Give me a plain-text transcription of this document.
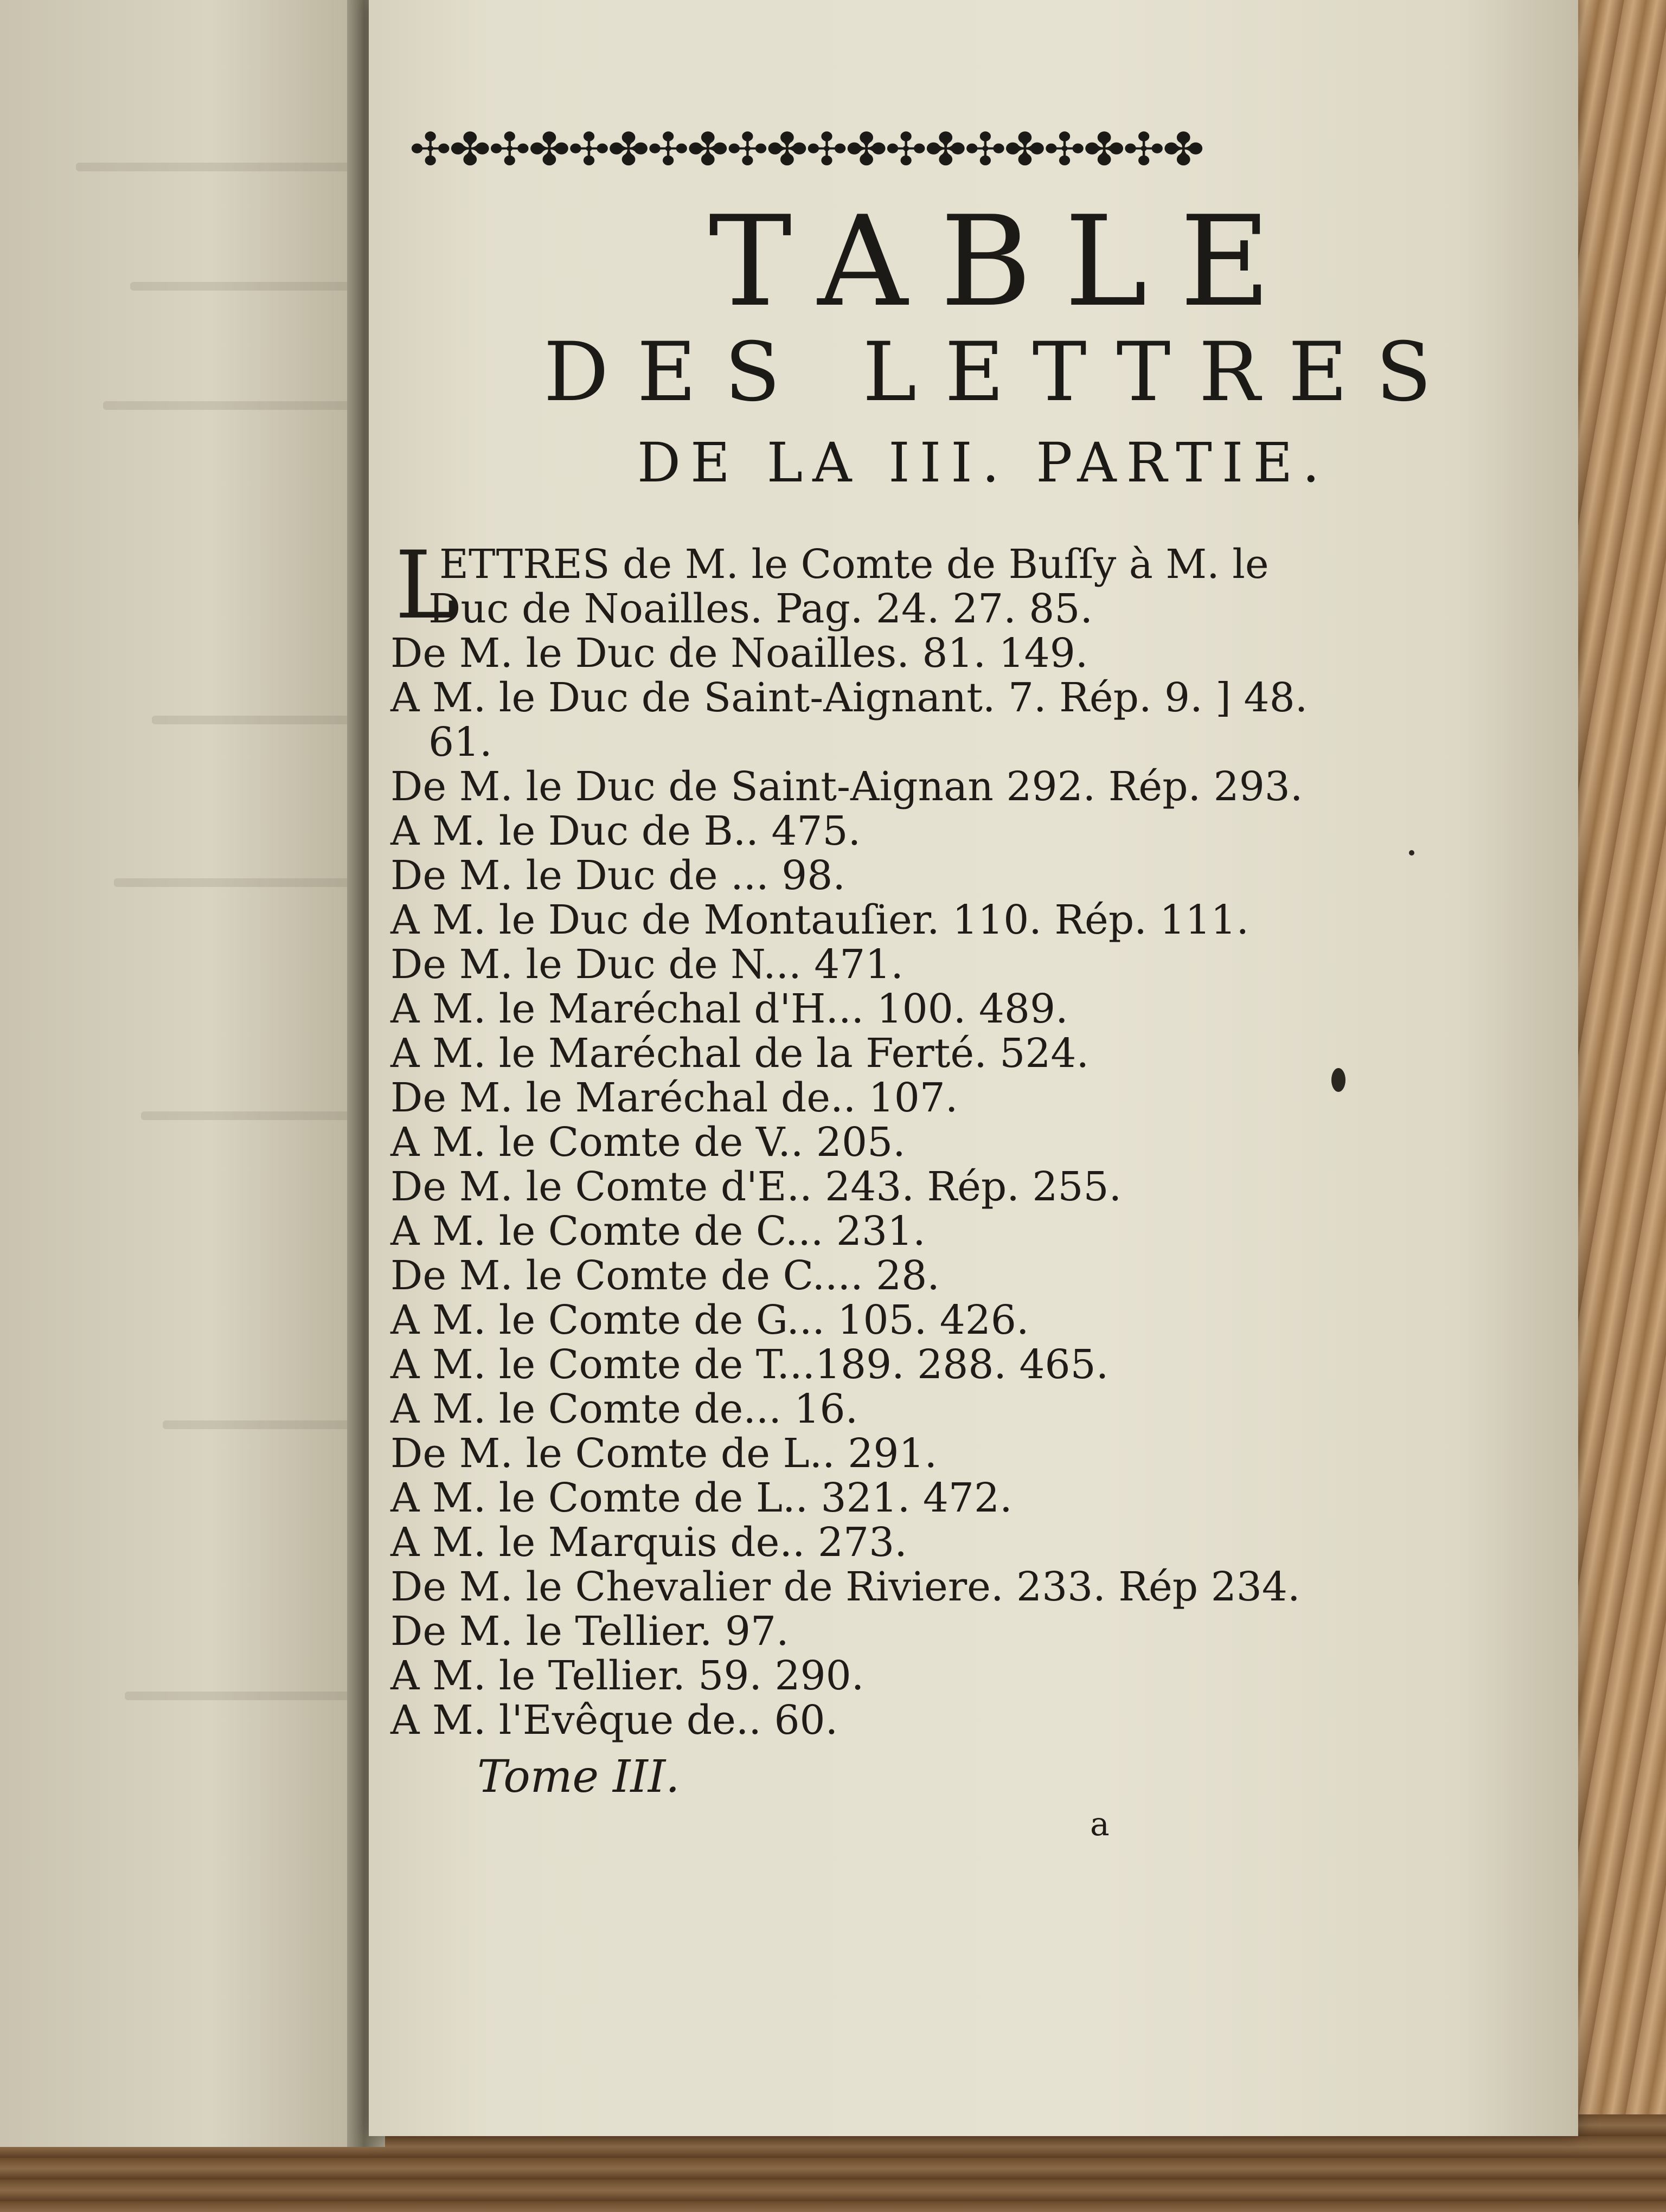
✣✤✣✤✣✤✣✤✣✤✣✤✣✤✣✤✣✤✣✤
TABLE
DES LETTRES
DE LA III. PARTIE.
L
ETTRES de M. le Comte de Buſſy à M. le
Duc de Noailles. Pag. 24. 27. 85.
De M. le Duc de Noailles. 81. 149.
A M. le Duc de Saint-Aignant. 7. Rép. 9. ] 48.
61.
De M. le Duc de Saint-Aignan 292. Rép. 293.
A M. le Duc de B.. 475.
De M. le Duc de ... 98.
A M. le Duc de Montauſier. 110. Rép. 111.
De M. le Duc de N... 471.
A M. le Maréchal d'H... 100. 489.
A M. le Maréchal de la Ferté. 524.
De M. le Maréchal de.. 107.
A M. le Comte de V.. 205.
De M. le Comte d'E.. 243. Rép. 255.
A M. le Comte de C... 231.
De M. le Comte de C.... 28.
A M. le Comte de G... 105. 426.
A M. le Comte de T...189. 288. 465.
A M. le Comte de... 16.
De M. le Comte de L.. 291.
A M. le Comte de L.. 321. 472.
A M. le Marquis de.. 273.
De M. le Chevalier de Riviere. 233. Rép 234.
De M. le Tellier. 97.
A M. le Tellier. 59. 290.
A M. l'Evêque de.. 60.
Tome III.
a
